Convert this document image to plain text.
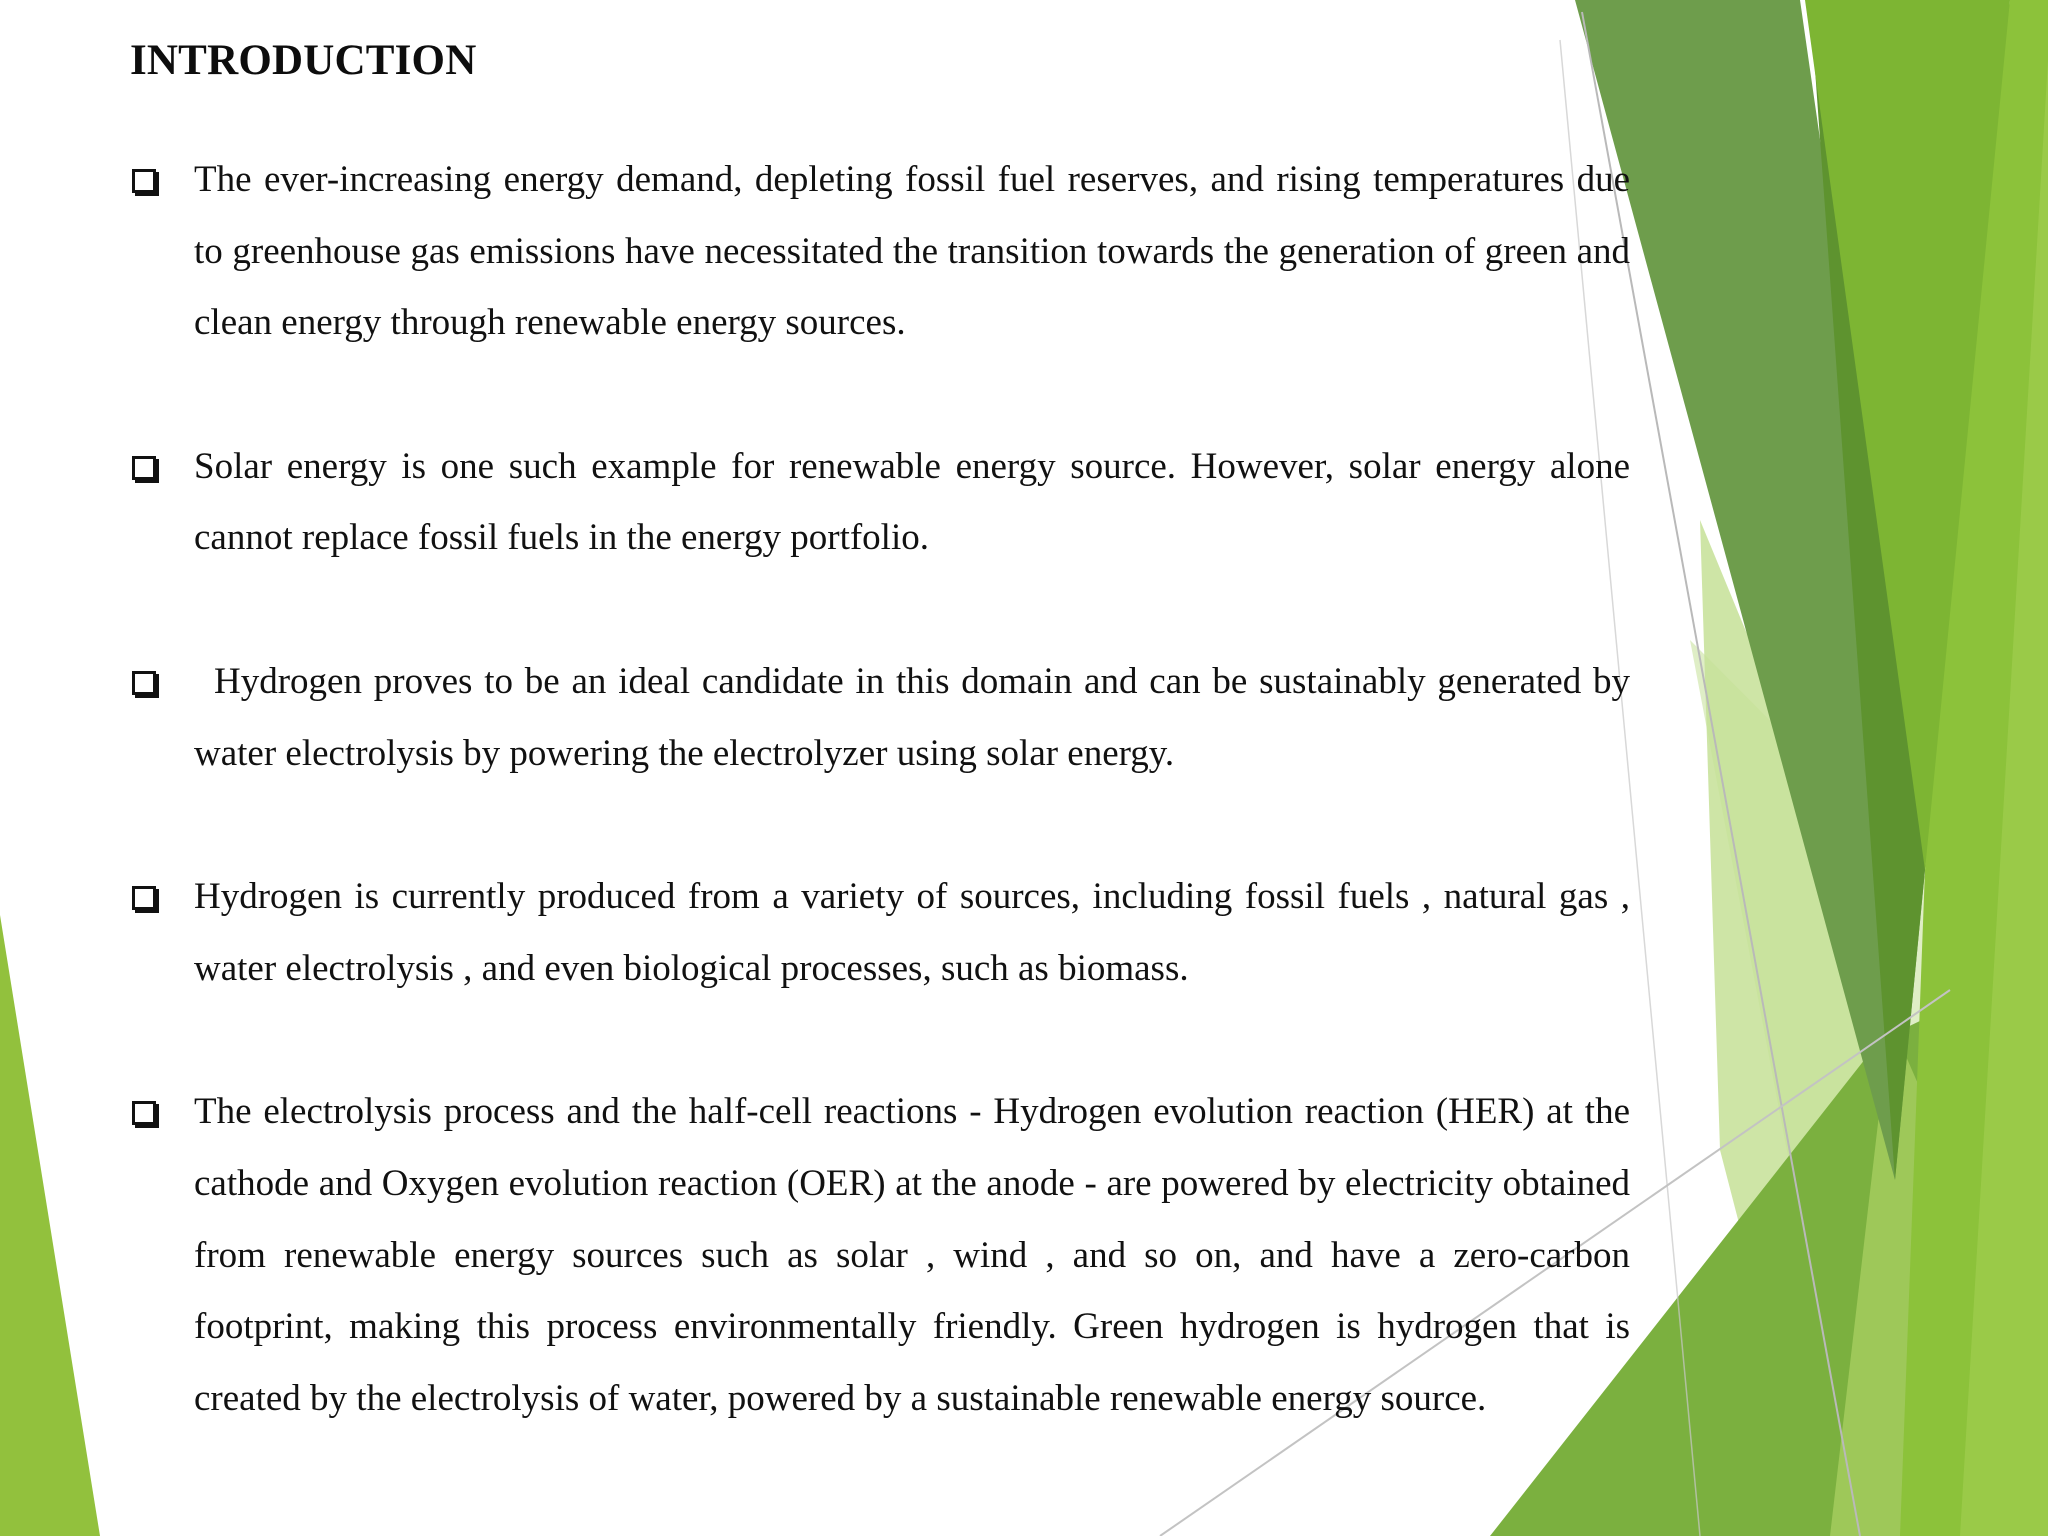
INTRODUCTION
The ever-increasing energy demand, depleting fossil fuel reserves, and rising temperatures due to greenhouse gas emissions have necessitated the transition towards the generation of green and clean energy through renewable energy sources.
Solar energy is one such example for renewable energy source. However, solar energy alone cannot replace fossil fuels in the energy portfolio.
Hydrogen proves to be an ideal candidate in this domain and can be sustainably generated by water electrolysis by powering the electrolyzer using solar energy.
Hydrogen is currently produced from a variety of sources, including fossil fuels , natural gas , water electrolysis , and even biological processes, such as biomass.
The electrolysis process and the half-cell reactions - Hydrogen evolution reaction (HER) at the cathode and Oxygen evolution reaction (OER) at the anode - are powered by electricity obtained from renewable energy sources such as solar , wind , and so on, and have a zero-carbon footprint, making this process environmentally friendly. Green hydrogen is hydrogen that is created by the electrolysis of water, powered by a sustainable renewable energy source.
